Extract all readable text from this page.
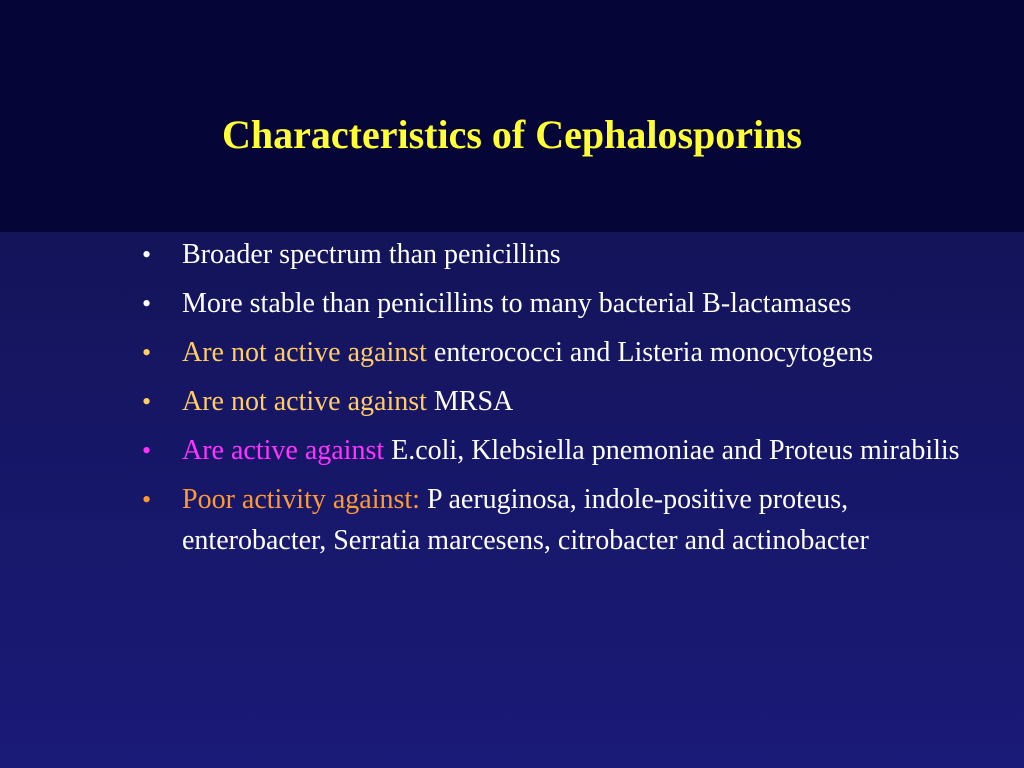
Characteristics of Cephalosporins
• Broader spectrum than penicillins
• More stable than penicillins to many bacterial B-lactamases
• Are not active against enterococci and Listeria monocytogens
• Are not active against MRSA
• Are active against E.coli, Klebsiella pnemoniae and Proteus mirabilis
• Poor activity against: P aeruginosa, indole-positive proteus, enterobacter, Serratia marcesens, citrobacter and actinobacter
